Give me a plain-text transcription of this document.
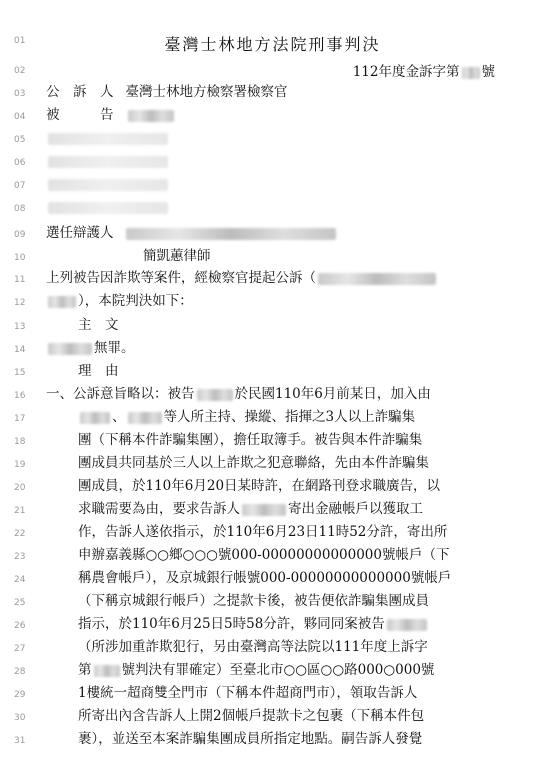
01	臺灣士林地方法院刑事判決
02	112年度金訴字第 號
03	公　訴　人 臺灣士林地方檢察署檢察官
04	被　　　告
05
06
07
08
09	選任辯護人
10	簡凱蕙律師
11	上列被告因詐欺等案件，經檢察官提起公訴（
12	），本院判決如下：
13	主　文
14	無罪。
15	理　由
16	一、公訴意旨略以：被告	於民國110年6月前某日，加入由
17	、	等人所主持、操縱、指揮之3人以上詐騙集
18	團（下稱本件詐騙集團），擔任取簿手。被告與本件詐騙集
19	團成員共同基於三人以上詐欺之犯意聯絡，先由本件詐騙集
20	團成員，於110年6月20日某時許，在網路刊登求職廣告，以
21	求職需要為由，要求告訴人	寄出金融帳戶以獲取工
22	作，告訴人遂依指示，於110年6月23日11時52分許，寄出所
23	申辦嘉義縣○○鄉○○○號000-00000000000000號帳戶（下
24	稱農會帳戶），及京城銀行帳號000-00000000000000號帳戶
25	（下稱京城銀行帳戶）之提款卡後，被告便依詐騙集團成員
26	指示，於110年6月25日5時58分許，夥同同案被告
27	（所涉加重詐欺犯行，另由臺灣高等法院以111年度上訴字
28	第 號判決有罪確定）至臺北市○○區○○路000○000號
29	1樓統一超商雙全門市（下稱本件超商門市），領取告訴人
30	所寄出內含告訴人上開2個帳戶提款卡之包裹（下稱本件包
31	裹），並送至本案詐騙集團成員所指定地點。嗣告訴人發覺
